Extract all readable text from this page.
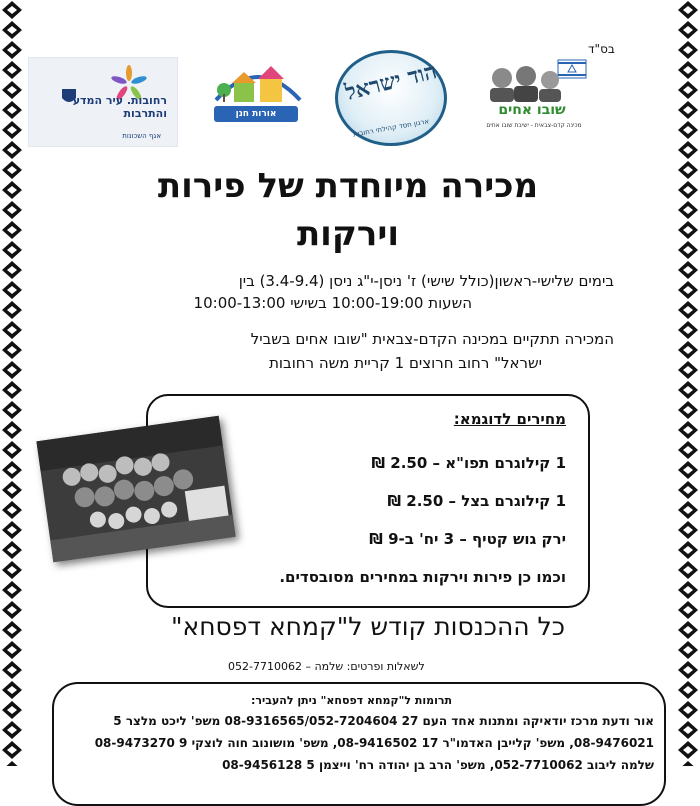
בס"ד
רחובות. עיר המדע והתרבות
אגף השכונות
אורות חנן
הוד ישראל
ארגון חסד קהילתי רחובות
שובו אחים
מכינה קדם-צבאית - ישיבת שובו אחים
מכירה מיוחדת של פירות
וירקות
בימים שלישי-ראשון(כולל שישי) ז' ניסן-י"ג ניסן (3.4-9.4) בין
השעות 10:00-19:00 בשישי 10:00-13:00
המכירה תתקיים במכינה הקדם-צבאית "שובו אחים בשביל
ישראל" רחוב חרוצים 1 קריית משה רחובות
מחירים לדוגמא:
1 קילוגרם תפו"א – 2.50 ₪
1 קילוגרם בצל – 2.50 ₪
ירק גוש קטיף – 3 יח' ב-9 ₪
וכמו כן פירות וירקות במחירים מסובסדים.
כל ההכנסות קודש ל"קמחא דפסחא"
לשאלות ופרטים: שלמה – 052-7710062
תרומות ל"קמחא דפסחא" ניתן להעביר:
אור ודעת מרכז יודאיקה ומתנות אחד העם 27 08-9316565/052-7204604 משפ' ליכט מלצר 5
08-9476021, משפ' קלייבן האדמו"ר 17 08-9416502, משפ' מושונוב חוה לוצקי 9 08-9473270
שלמה ליבוב 052-7710062, משפ' הרב בן יהודה רח' וייצמן 5 08-9456128
